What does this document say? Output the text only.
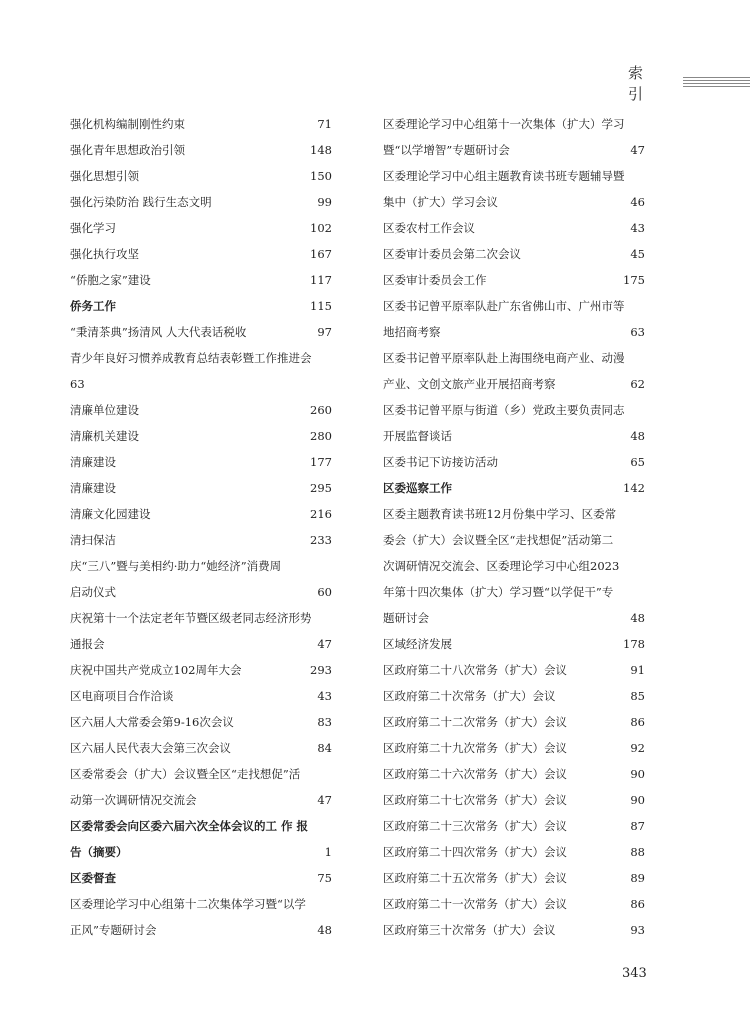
索引
强化机构编制刚性约束	71
强化青年思想政治引领	148
强化思想引领	150
强化污染防治 践行生态文明	99
强化学习	102
强化执行攻坚	167
“侨胞之家”建设	117
侨务工作	115
“秉清茶典”扬清风 人大代表话税收	97
青少年良好习惯养成教育总结表彰暨工作推进会
63
清廉单位建设	260
清廉机关建设	280
清廉建设	177
清廉建设	295
清廉文化园建设	216
清扫保洁	233
庆“三八”暨与美相约·助力“她经济”消费周
启动仪式	60
庆祝第十一个法定老年节暨区级老同志经济形势
通报会	47
庆祝中国共产党成立102周年大会	293
区电商项目合作洽谈	43
区六届人大常委会第9-16次会议	83
区六届人民代表大会第三次会议	84
区委常委会（扩大）会议暨全区“走找想促”活
动第一次调研情况交流会	47
区委常委会向区委六届六次全体会议的工 作 报
告（摘要）	1
区委督查	75
区委理论学习中心组第十二次集体学习暨“以学
正风”专题研讨会	48
区委理论学习中心组第十一次集体（扩大）学习
暨“以学增智”专题研讨会	47
区委理论学习中心组主题教育读书班专题辅导暨
集中（扩大）学习会议	46
区委农村工作会议	43
区委审计委员会第二次会议	45
区委审计委员会工作	175
区委书记曾平原率队赴广东省佛山市、广州市等
地招商考察	63
区委书记曾平原率队赴上海围绕电商产业、动漫
产业、文创文旅产业开展招商考察	62
区委书记曾平原与街道（乡）党政主要负责同志
开展监督谈话	48
区委书记下访接访活动	65
区委巡察工作	142
区委主题教育读书班12月份集中学习、区委常
委会（扩大）会议暨全区“走找想促”活动第二
次调研情况交流会、区委理论学习中心组2023
年第十四次集体（扩大）学习暨“以学促干”专
题研讨会	48
区域经济发展	178
区政府第二十八次常务（扩大）会议	91
区政府第二十次常务（扩大）会议	85
区政府第二十二次常务（扩大）会议	86
区政府第二十九次常务（扩大）会议	92
区政府第二十六次常务（扩大）会议	90
区政府第二十七次常务（扩大）会议	90
区政府第二十三次常务（扩大）会议	87
区政府第二十四次常务（扩大）会议	88
区政府第二十五次常务（扩大）会议	89
区政府第二十一次常务（扩大）会议	86
区政府第三十次常务（扩大）会议	93
343
